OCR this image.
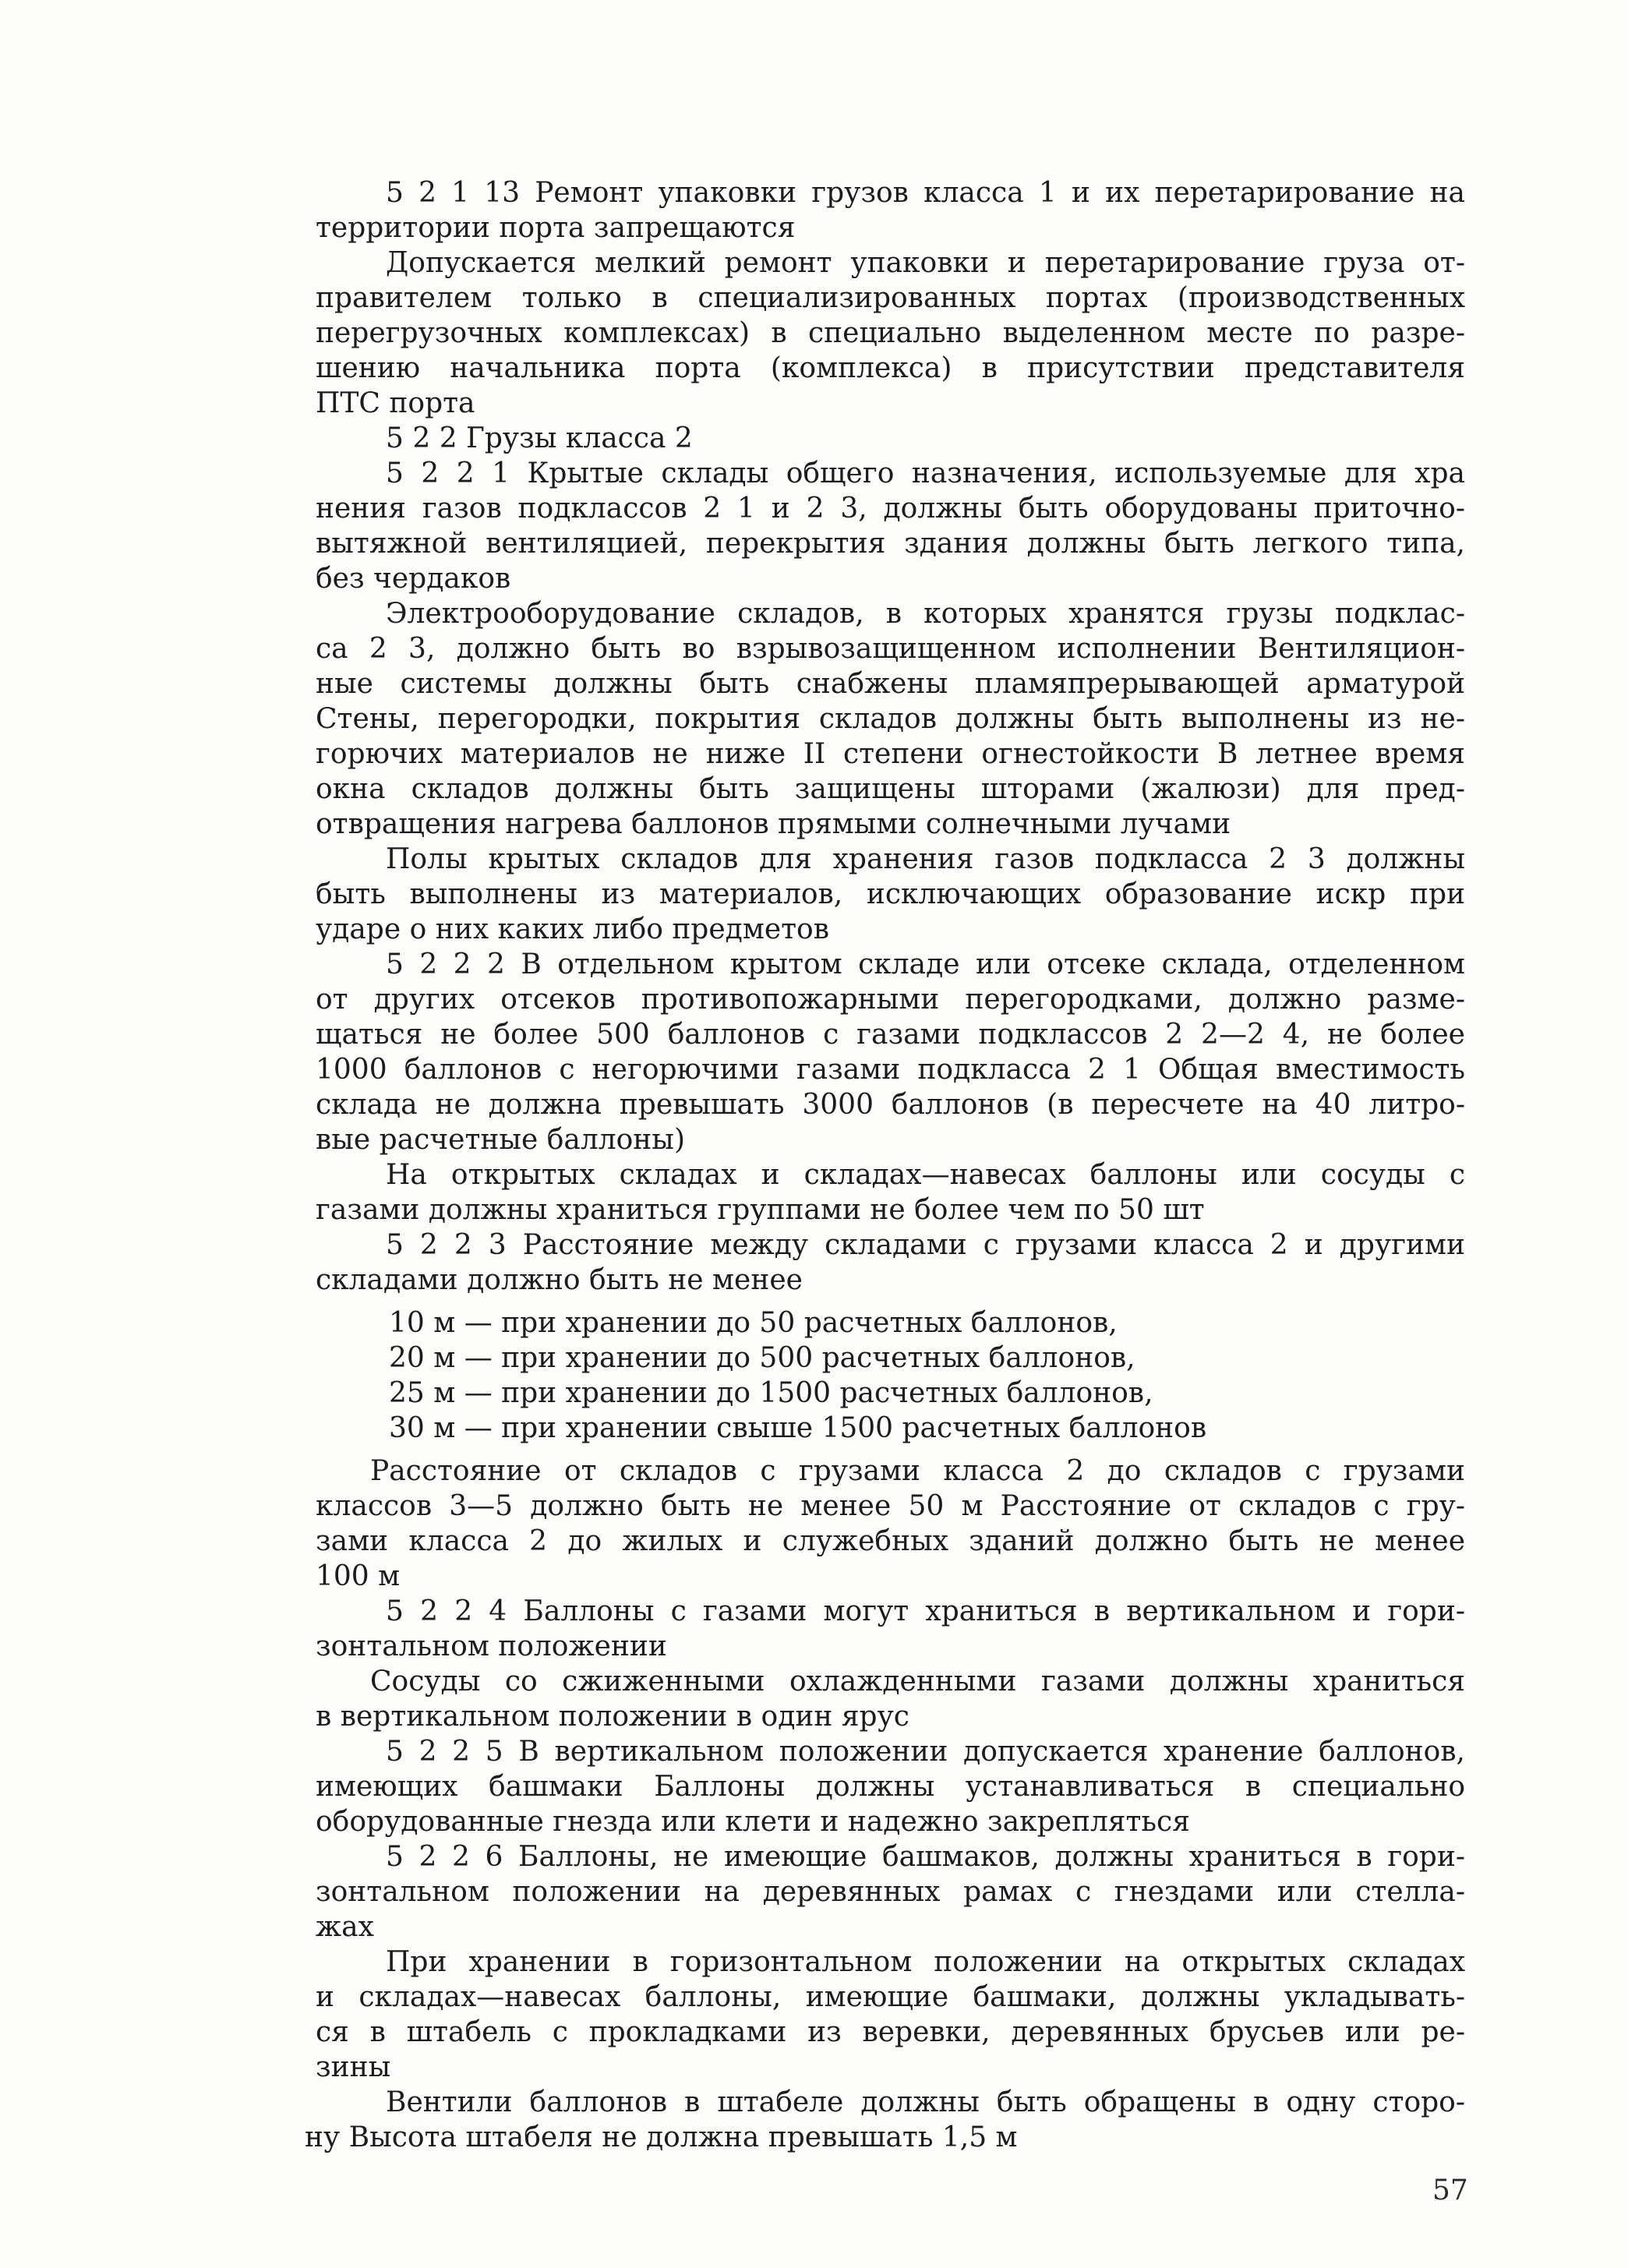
5 2 1 13 Ремонт упаковки грузов класса 1 и их перетарирование на
территории порта запрещаются
Допускается мелкий ремонт упаковки и перетарирование груза от-
правителем только в специализированных портах (производственных
перегрузочных комплексах) в специально выделенном месте по разре-
шению начальника порта (комплекса) в присутствии представителя
ПТС порта
5 2 2 Грузы класса 2
5 2 2 1 Крытые склады общего назначения, используемые для хра
нения газов подклассов 2 1 и 2 3, должны быть оборудованы приточно-
вытяжной вентиляцией, перекрытия здания должны быть легкого типа,
без чердаков
Электрооборудование складов, в которых хранятся грузы подклас-
са 2 3, должно быть во взрывозащищенном исполнении Вентиляцион-
ные системы должны быть снабжены пламяпрерывающей арматурой
Стены, перегородки, покрытия складов должны быть выполнены из не-
горючих материалов не ниже II степени огнестойкости В летнее время
окна складов должны быть защищены шторами (жалюзи) для пред-
отвращения нагрева баллонов прямыми солнечными лучами
Полы крытых складов для хранения газов подкласса 2 3 должны
быть выполнены из материалов, исключающих образование искр при
ударе о них каких либо предметов
5 2 2 2 В отдельном крытом складе или отсеке склада, отделенном
от других отсеков противопожарными перегородками, должно разме-
щаться не более 500 баллонов с газами подклассов 2 2—2 4, не более
1000 баллонов с негорючими газами подкласса 2 1 Общая вместимость
склада не должна превышать 3000 баллонов (в пересчете на 40 литро-
вые расчетные баллоны)
На открытых складах и складах—навесах баллоны или сосуды с
газами должны храниться группами не более чем по 50 шт
5 2 2 3 Расстояние между складами с грузами класса 2 и другими
складами должно быть не менее
10 м — при хранении до 50 расчетных баллонов,
20 м — при хранении до 500 расчетных баллонов,
25 м — при хранении до 1500 расчетных баллонов,
30 м — при хранении свыше 1500 расчетных баллонов
Расстояние от складов с грузами класса 2 до складов с грузами
классов 3—5 должно быть не менее 50 м Расстояние от складов с гру-
зами класса 2 до жилых и служебных зданий должно быть не менее
100 м
5 2 2 4 Баллоны с газами могут храниться в вертикальном и гори-
зонтальном положении
Сосуды со сжиженными охлажденными газами должны храниться
в вертикальном положении в один ярус
5 2 2 5 В вертикальном положении допускается хранение баллонов,
имеющих башмаки Баллоны должны устанавливаться в специально
оборудованные гнезда или клети и надежно закрепляться
5 2 2 6 Баллоны, не имеющие башмаков, должны храниться в гори-
зонтальном положении на деревянных рамах с гнездами или стелла-
жах
При хранении в горизонтальном положении на открытых складах
и складах—навесах баллоны, имеющие башмаки, должны укладывать-
ся в штабель с прокладками из веревки, деревянных брусьев или ре-
зины
Вентили баллонов в штабеле должны быть обращены в одну сторо-
ну Высота штабеля не должна превышать 1,5 м
57
